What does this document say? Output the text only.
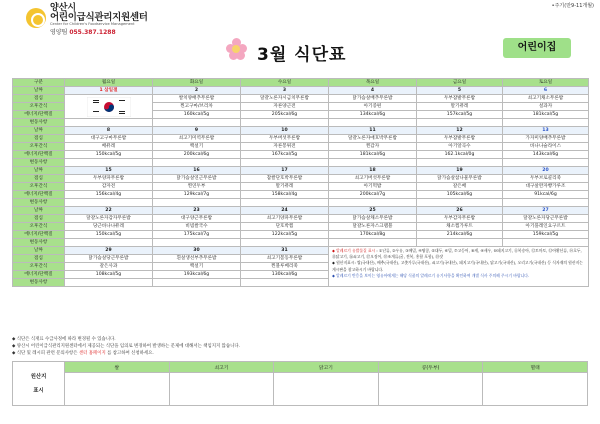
•주기(만9-11개월)
양산시
어린이급식관리지원센터
Center for Children's Foodservice Management
영양팀 055.387.1288
3월 식단표	어린이집
구분	월요일	화요일	수요일	목요일	금요일	토요일
날짜	1 삼일절	2	3	4	5	6
점심		쌀치양배추무른밥	달걀노른자시금치무른밥	닭가슴살배추무른밥	두부잡발무른밥	쇠고기채소무른밥
오후간식		찐고구마/브리차	자른양근전	아기증편	딸기퓨레	설과자
에너지/단백질		160kcal/5g	205kcal/6g	134kcal/6g	157kcal/5g	181kcal/5g
변동사항						
날짜	8	9	10	11	12	13
점심	대구고구마무른밥	쇠고기미역무른밥	두부버섯무른밥	달걀노른자애호박무른밥	두부잡발무른밥	가자미양배추무른밥
오후간식	배퓨레	백설기	자른봉튀전	찐감자	아기알곡수	바나나슬라이스
에너지/단백질	150kcal/5g	200kcal/6g	167kcal/5g	181kcal/6g	162.1kcal/0g	143kcal/6g
변동사항						
날짜	15	16	17	18	19	20
점심	두부양파무른밥	닭가슴살연근무른밥	찹쌀단호박무른밥	쇠고기버섯무른밥	닭가슴살참나물무른밥	두부브로콜리죽
오후간식	감자전	찐연두부	딸기퓨레	아기떡밥	갈은배	대구살완자빵가루조
에너지/단백질	156kcal/4g	129kcal/7g	158kcal/4g	200kcal/7g	105kcal/6g	91kcal/6g
변동사항						
날짜	22	23	24	25	26	27
점심	달걀노른자감자무른밥	대구양근무른밥	쇠고기양파무른밥	닭가슴살채소무른밥	두부감자무른밥	달걀노른자당근무른밥
오후간식	당근바나나퓨레	비빔쌀국수	단호박찜	달걀노른자스크램블	채소찜가루트	아기플레인요구르트
에너지/단백질	150kcal/5g	175kcal/7g	122kcal/5g	170kcal/8g	214kcal/6g	159kcal/5g
변동사항						
날짜	29	30	31	◆ 알레르기 유발물질 표시 : ①난류, ②우유, ③메밀, ④땅콩, ⑤대두, ⑥밀, ⑦고등어, ⑧게, ⑨새우, ⑩돼지고기, ⑪복숭아, ⑫토마토, ⑬아황산류, ⑭호두, ⑮닭고기, ⑯쇠고기, ⑰오징어, ⑱조개류(굴, 전복, 홍합 포함), ⑲잣
◆ 원산지표시: 쌀(국내산), 배추(국내산), 고춧가루(국내산), 쇠고기(국내산), 돼지고기(국내산), 닭고기(국내산), 오리고기(국내산) 등 식자재의 원산지는 게시판을 참고하시기 바랍니다.
◆ 알레르기 반응을 보이는 영유아에게는 해당 식품의 알레르기 유기사항을 확인하여 개별 식사 주의해 주시기 바랍니다.		

점심	닭가슴살당근무른밥	흰살생선부추무른밥	쇠고기봄동무른밥			
오후간식	갈은사과	백설기	찐블루베리죽			
에너지/단백질	108kcal/5g	193kcal/6g	130kcal/6g			
변동사항						
◆ 식단은 식재료 수급사정에 따라 변경될 수 있습니다.
◆ 양산시 어린이급식관리지원센터에서 제공되는 식단을 임의로 변경하여 발생하는 문제에 대해서는 책임지지 않습니다.
◆ 식단 및 레시피 관련 문의사항은 센터 홈페이지 를 참고하여 신청하세요.
원산지
표시	쌀	쇠고기	닭고기	콩(두부)	멸태
